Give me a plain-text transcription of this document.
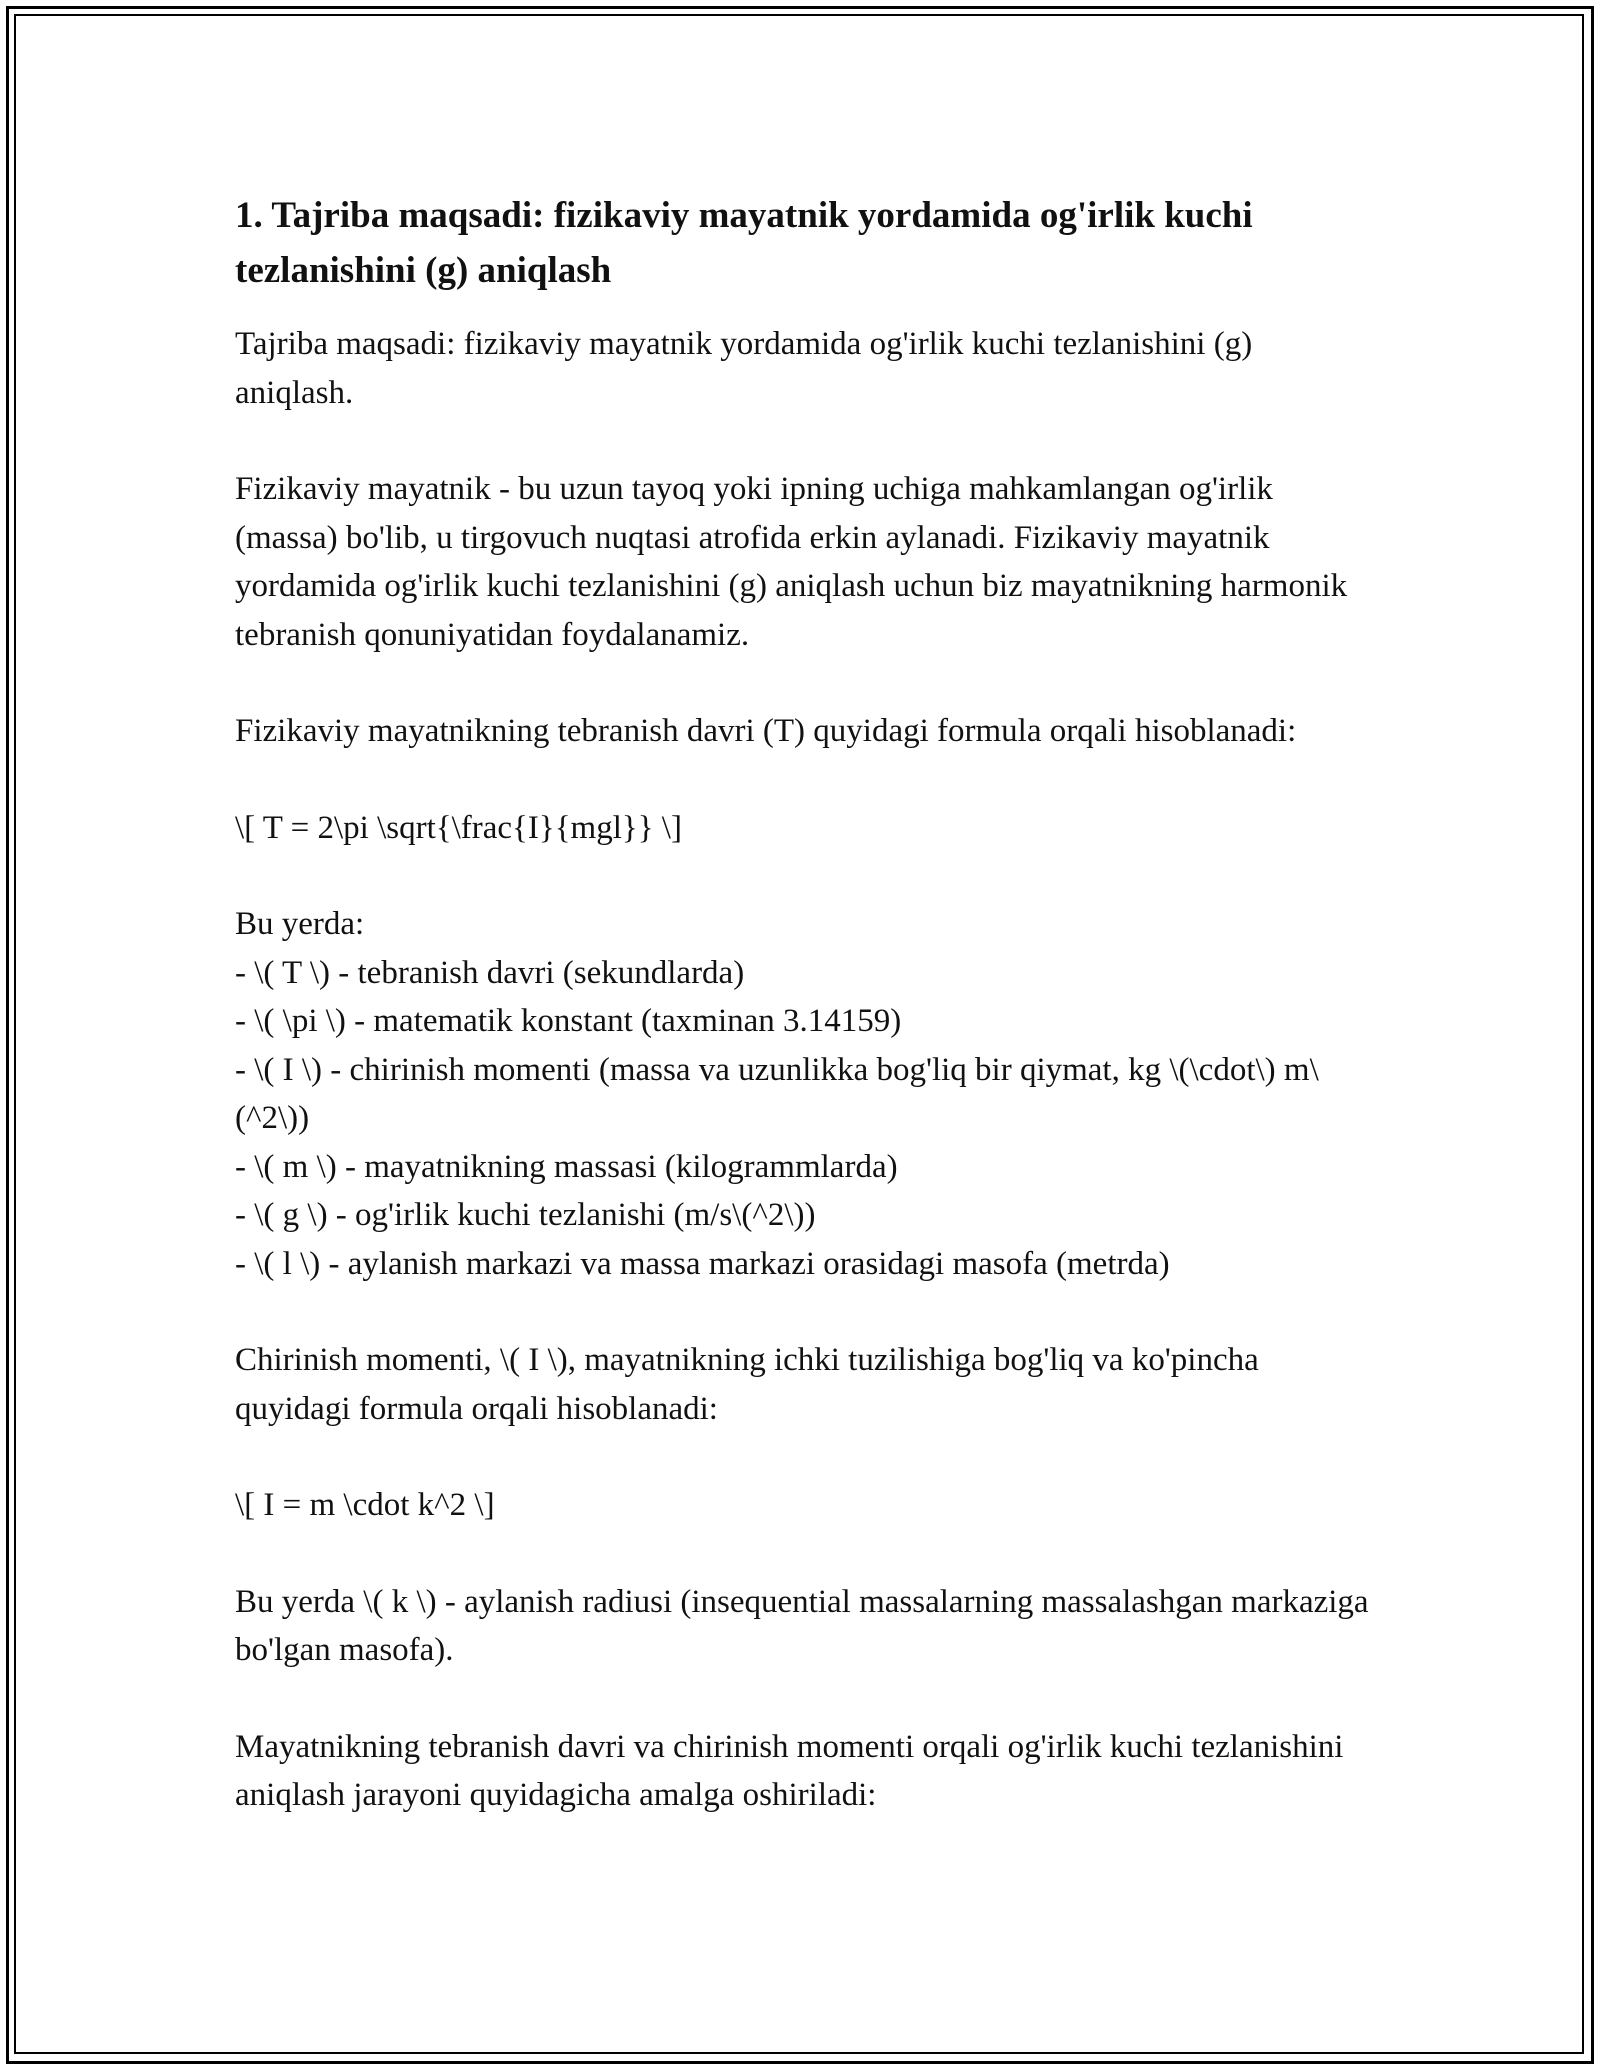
1. Tajriba maqsadi: fizikaviy mayatnik yordamida og'irlik kuchi tezlanishini (g) aniqlash

Tajriba maqsadi: fizikaviy mayatnik yordamida og'irlik kuchi tezlanishini (g) aniqlash.

Fizikaviy mayatnik - bu uzun tayoq yoki ipning uchiga mahkamlangan og'irlik (massa) bo'lib, u tirgovuch nuqtasi atrofida erkin aylanadi. Fizikaviy mayatnik yordamida og'irlik kuchi tezlanishini (g) aniqlash uchun biz mayatnikning harmonik tebranish qonuniyatidan foydalanamiz.

Fizikaviy mayatnikning tebranish davri (T) quyidagi formula orqali hisoblanadi:

\[ T = 2\pi \sqrt{\frac{I}{mgl}} \]

Bu yerda:
- \( T \) - tebranish davri (sekundlarda)
- \( \pi \) - matematik konstant (taxminan 3.14159)
- \( I \) - chirinish momenti (massa va uzunlikka bog'liq bir qiymat, kg \(\cdot\) m\(^2\))
- \( m \) - mayatnikning massasi (kilogrammlarda)
- \( g \) - og'irlik kuchi tezlanishi (m/s\(^2\))
- \( l \) - aylanish markazi va massa markazi orasidagi masofa (metrda)

Chirinish momenti, \( I \), mayatnikning ichki tuzilishiga bog'liq va ko'pincha quyidagi formula orqali hisoblanadi:

\[ I = m \cdot k^2 \]

Bu yerda \( k \) - aylanish radiusi (insequential massalarning massalashgan markaziga bo'lgan masofa).

Mayatnikning tebranish davri va chirinish momenti orqali og'irlik kuchi tezlanishini aniqlash jarayoni quyidagicha amalga oshiriladi:
